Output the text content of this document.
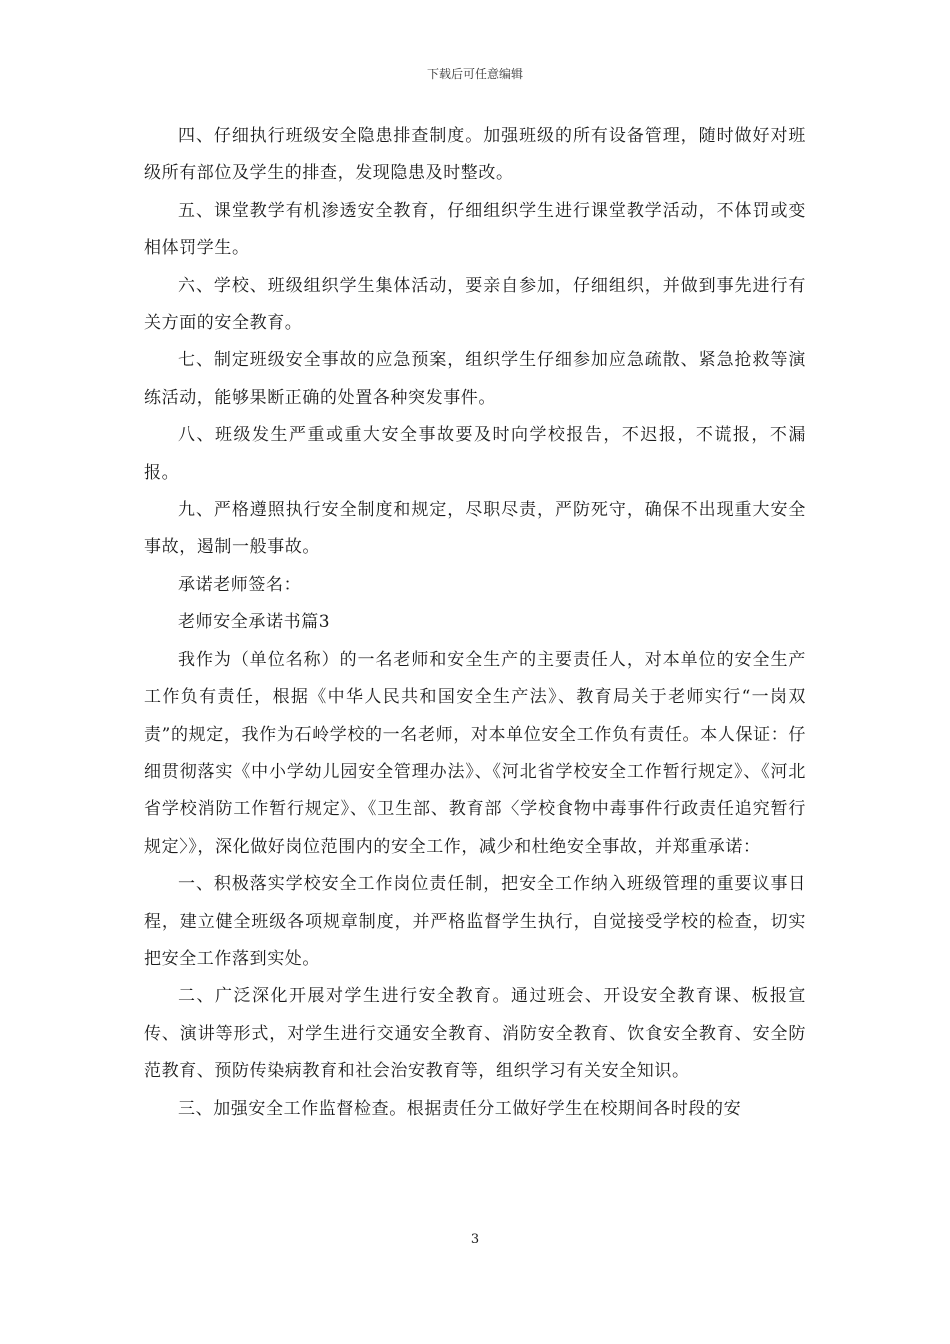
下载后可任意编辑

四、仔细执行班级安全隐患排查制度。加强班级的所有设备管理，随时做好对班级所有部位及学生的排查，发现隐患及时整改。

五、课堂教学有机渗透安全教育，仔细组织学生进行课堂教学活动，不体罚或变相体罚学生。

六、学校、班级组织学生集体活动，要亲自参加，仔细组织，并做到事先进行有关方面的安全教育。

七、制定班级安全事故的应急预案，组织学生仔细参加应急疏散、紧急抢救等演练活动，能够果断正确的处置各种突发事件。

八、班级发生严重或重大安全事故要及时向学校报告，不迟报，不谎报，不漏报。

九、严格遵照执行安全制度和规定，尽职尽责，严防死守，确保不出现重大安全事故，遏制一般事故。

承诺老师签名：

老师安全承诺书篇3

我作为（单位名称）的一名老师和安全生产的主要责任人，对本单位的安全生产工作负有责任，根据《中华人民共和国安全生产法》、教育局关于老师实行“一岗双责”的规定，我作为石岭学校的一名老师，对本单位安全工作负有责任。本人保证：仔细贯彻落实《中小学幼儿园安全管理办法》、《河北省学校安全工作暂行规定》、《河北省学校消防工作暂行规定》、《卫生部、教育部〈学校食物中毒事件行政责任追究暂行规定〉》，深化做好岗位范围内的安全工作，减少和杜绝安全事故，并郑重承诺：

一、积极落实学校安全工作岗位责任制，把安全工作纳入班级管理的重要议事日程，建立健全班级各项规章制度，并严格监督学生执行，自觉接受学校的检查，切实把安全工作落到实处。

二、广泛深化开展对学生进行安全教育。通过班会、开设安全教育课、板报宣传、演讲等形式，对学生进行交通安全教育、消防安全教育、饮食安全教育、安全防范教育、预防传染病教育和社会治安教育等，组织学习有关安全知识。

三、加强安全工作监督检查。根据责任分工做好学生在校期间各时段的安

3
